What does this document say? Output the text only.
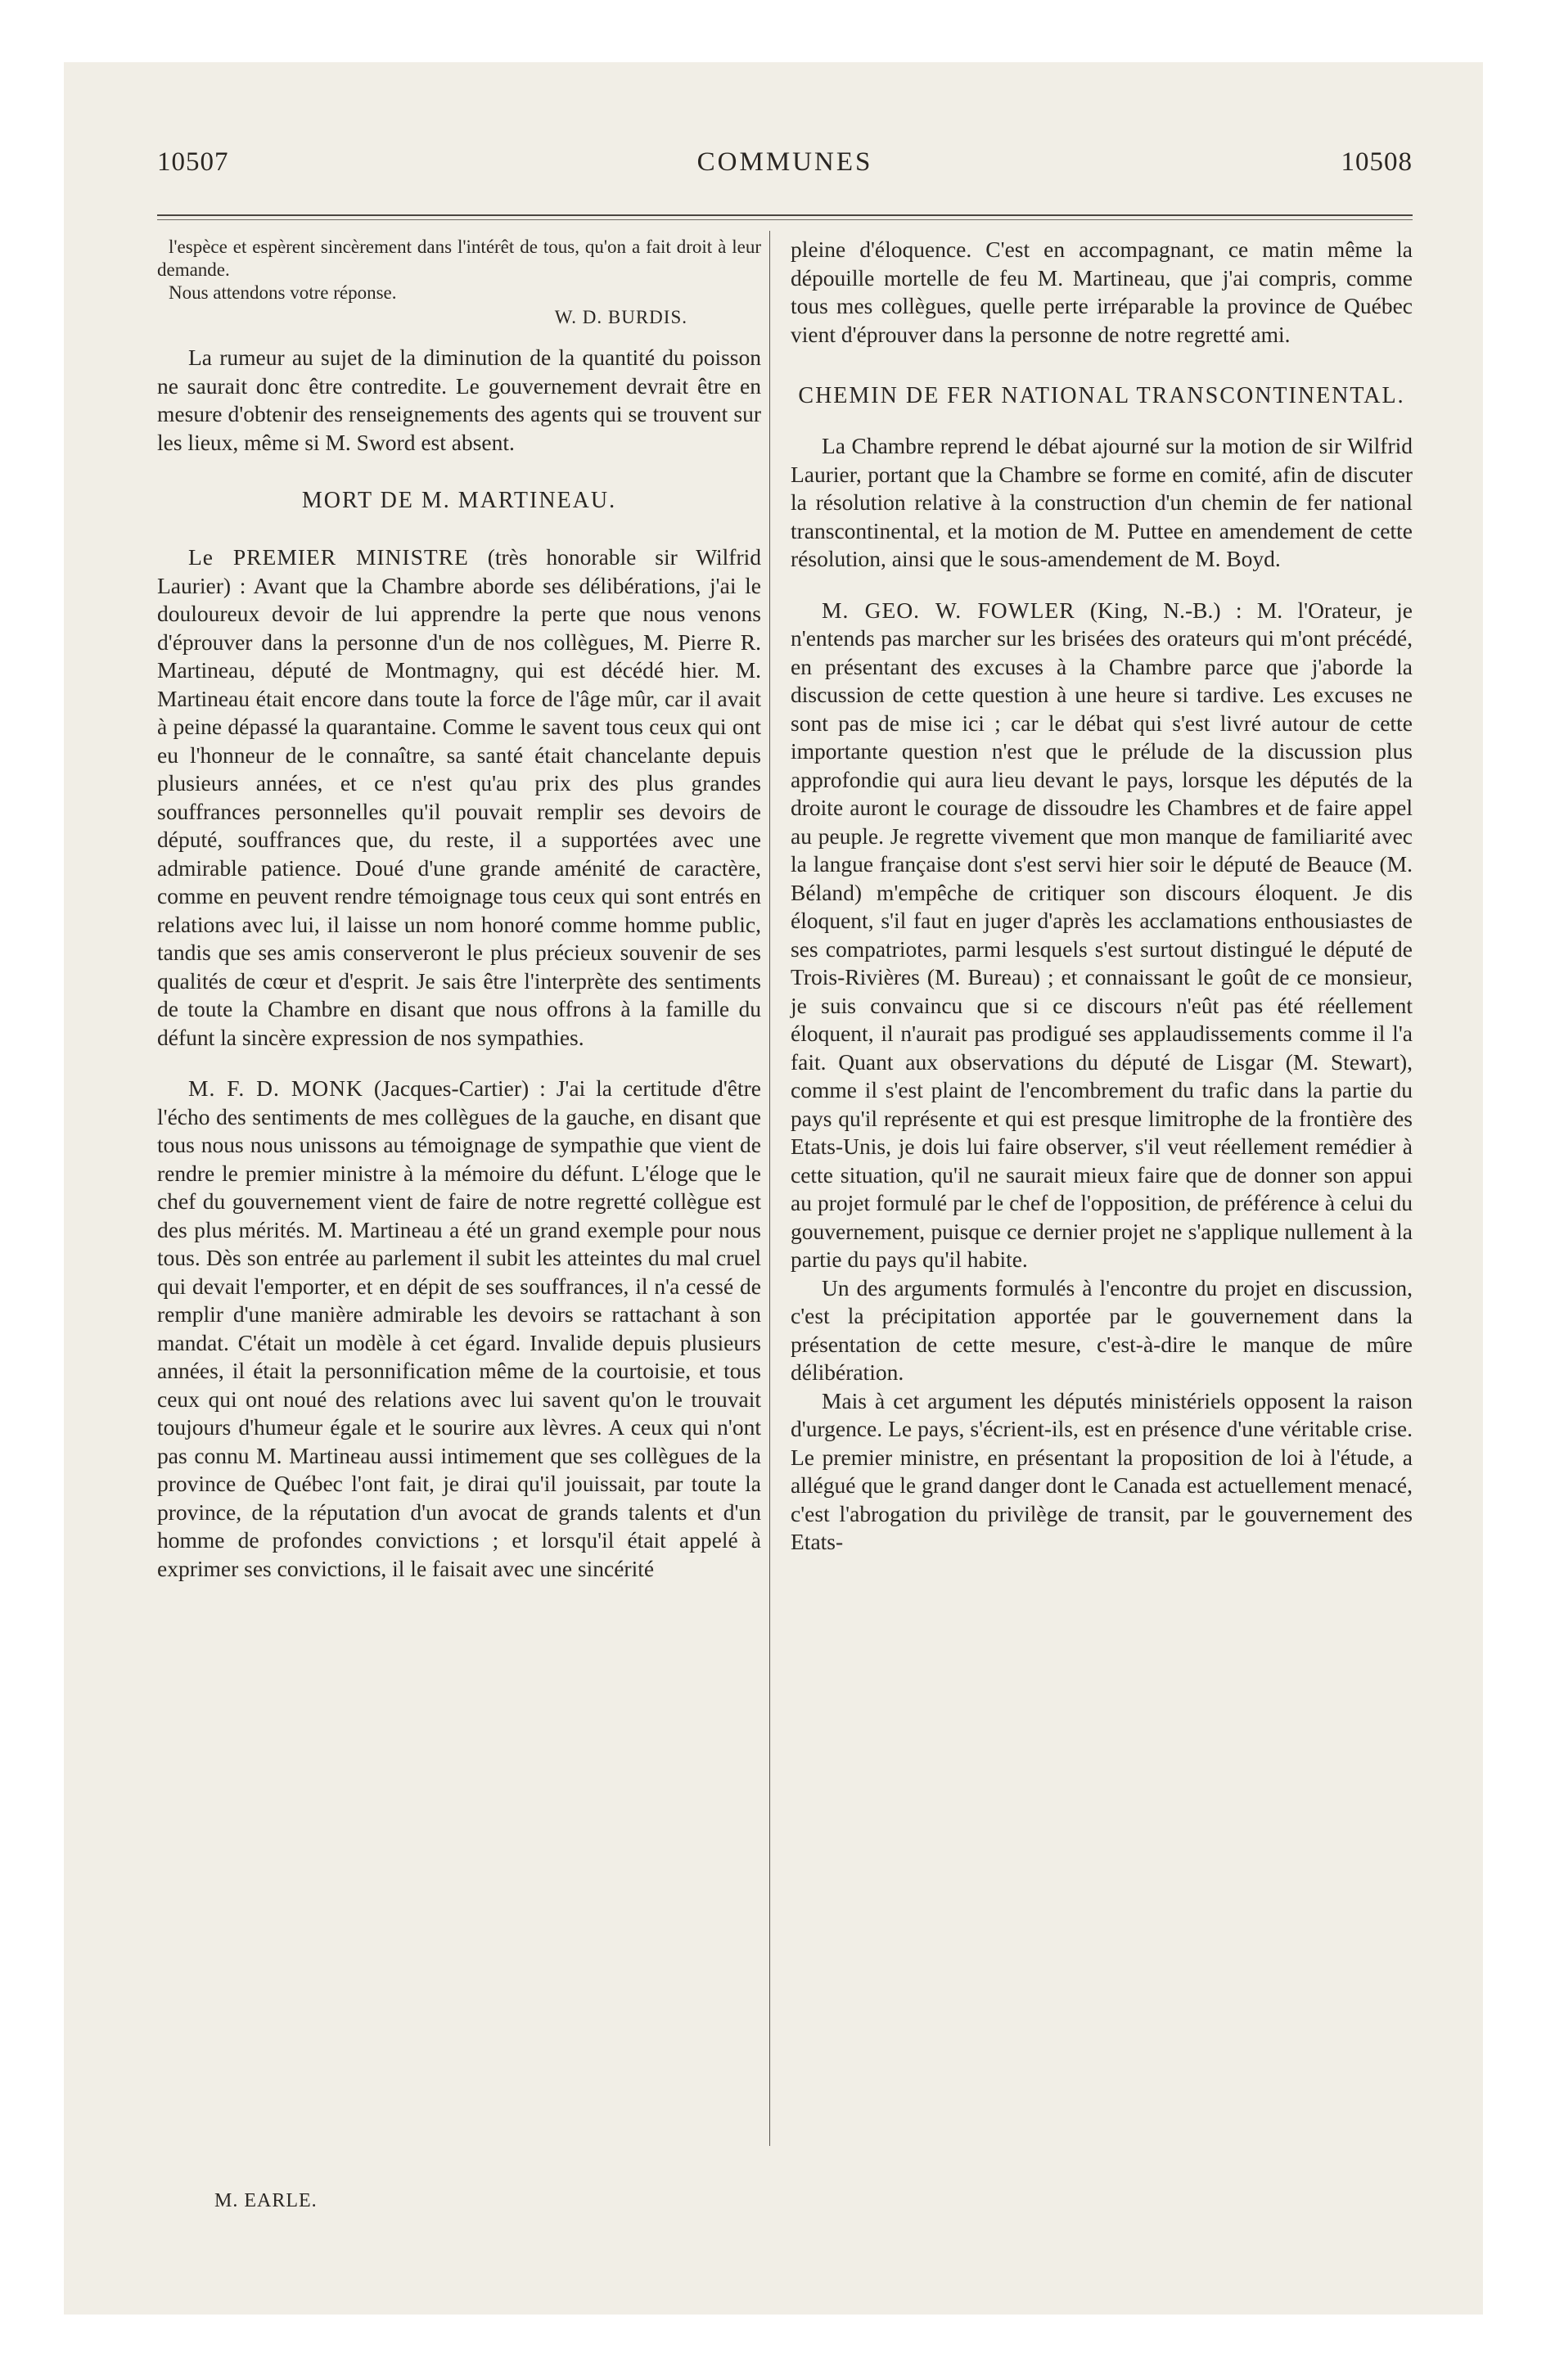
10507	COMMUNES	10508

l'espèce et espèrent sincèrement dans l'intérêt de tous, qu'on a fait droit à leur demande.

Nous attendons votre réponse.

W. D. BURDIS.

La rumeur au sujet de la diminution de la quantité du poisson ne saurait donc être contredite. Le gouvernement devrait être en mesure d'obtenir des renseignements des agents qui se trouvent sur les lieux, même si M. Sword est absent.

MORT DE M. MARTINEAU.

Le PREMIER MINISTRE (très honorable sir Wilfrid Laurier) : Avant que la Chambre aborde ses délibérations, j'ai le douloureux devoir de lui apprendre la perte que nous venons d'éprouver dans la personne d'un de nos collègues, M. Pierre R. Martineau, député de Montmagny, qui est décédé hier. M. Martineau était encore dans toute la force de l'âge mûr, car il avait à peine dépassé la quarantaine. Comme le savent tous ceux qui ont eu l'honneur de le connaître, sa santé était chancelante depuis plusieurs années, et ce n'est qu'au prix des plus grandes souffrances personnelles qu'il pouvait remplir ses devoirs de député, souffrances que, du reste, il a supportées avec une admirable patience. Doué d'une grande aménité de caractère, comme en peuvent rendre témoignage tous ceux qui sont entrés en relations avec lui, il laisse un nom honoré comme homme public, tandis que ses amis conserveront le plus précieux souvenir de ses qualités de cœur et d'esprit. Je sais être l'interprète des sentiments de toute la Chambre en disant que nous offrons à la famille du défunt la sincère expression de nos sympathies.

M. F. D. MONK (Jacques-Cartier) : J'ai la certitude d'être l'écho des sentiments de mes collègues de la gauche, en disant que tous nous nous unissons au témoignage de sympathie que vient de rendre le premier ministre à la mémoire du défunt. L'éloge que le chef du gouvernement vient de faire de notre regretté collègue est des plus mérités. M. Martineau a été un grand exemple pour nous tous. Dès son entrée au parlement il subit les atteintes du mal cruel qui devait l'emporter, et en dépit de ses souffrances, il n'a cessé de remplir d'une manière admirable les devoirs se rattachant à son mandat. C'était un modèle à cet égard. Invalide depuis plusieurs années, il était la personnification même de la courtoisie, et tous ceux qui ont noué des relations avec lui savent qu'on le trouvait toujours d'humeur égale et le sourire aux lèvres. A ceux qui n'ont pas connu M. Martineau aussi intimement que ses collègues de la province de Québec l'ont fait, je dirai qu'il jouissait, par toute la province, de la réputation d'un avocat de grands talents et d'un homme de profondes convictions ; et lorsqu'il était appelé à exprimer ses convictions, il le faisait avec une sincérité

M. EARLE.

pleine d'éloquence. C'est en accompagnant, ce matin même la dépouille mortelle de feu M. Martineau, que j'ai compris, comme tous mes collègues, quelle perte irréparable la province de Québec vient d'éprouver dans la personne de notre regretté ami.

CHEMIN DE FER NATIONAL TRANSCONTINENTAL.

La Chambre reprend le débat ajourné sur la motion de sir Wilfrid Laurier, portant que la Chambre se forme en comité, afin de discuter la résolution relative à la construction d'un chemin de fer national transcontinental, et la motion de M. Puttee en amendement de cette résolution, ainsi que le sous-amendement de M. Boyd.

M. GEO. W. FOWLER (King, N.-B.) : M. l'Orateur, je n'entends pas marcher sur les brisées des orateurs qui m'ont précédé, en présentant des excuses à la Chambre parce que j'aborde la discussion de cette question à une heure si tardive. Les excuses ne sont pas de mise ici ; car le débat qui s'est livré autour de cette importante question n'est que le prélude de la discussion plus approfondie qui aura lieu devant le pays, lorsque les députés de la droite auront le courage de dissoudre les Chambres et de faire appel au peuple. Je regrette vivement que mon manque de familiarité avec la langue française dont s'est servi hier soir le député de Beauce (M. Béland) m'empêche de critiquer son discours éloquent. Je dis éloquent, s'il faut en juger d'après les acclamations enthousiastes de ses compatriotes, parmi lesquels s'est surtout distingué le député de Trois-Rivières (M. Bureau) ; et connaissant le goût de ce monsieur, je suis convaincu que si ce discours n'eût pas été réellement éloquent, il n'aurait pas prodigué ses applaudissements comme il l'a fait. Quant aux observations du député de Lisgar (M. Stewart), comme il s'est plaint de l'encombrement du trafic dans la partie du pays qu'il représente et qui est presque limitrophe de la frontière des Etats-Unis, je dois lui faire observer, s'il veut réellement remédier à cette situation, qu'il ne saurait mieux faire que de donner son appui au projet formulé par le chef de l'opposition, de préférence à celui du gouvernement, puisque ce dernier projet ne s'applique nullement à la partie du pays qu'il habite.

Un des arguments formulés à l'encontre du projet en discussion, c'est la précipitation apportée par le gouvernement dans la présentation de cette mesure, c'est-à-dire le manque de mûre délibération.

Mais à cet argument les députés ministériels opposent la raison d'urgence. Le pays, s'écrient-ils, est en présence d'une véritable crise. Le premier ministre, en présentant la proposition de loi à l'étude, a allégué que le grand danger dont le Canada est actuellement menacé, c'est l'abrogation du privilège de transit, par le gouvernement des Etats-
